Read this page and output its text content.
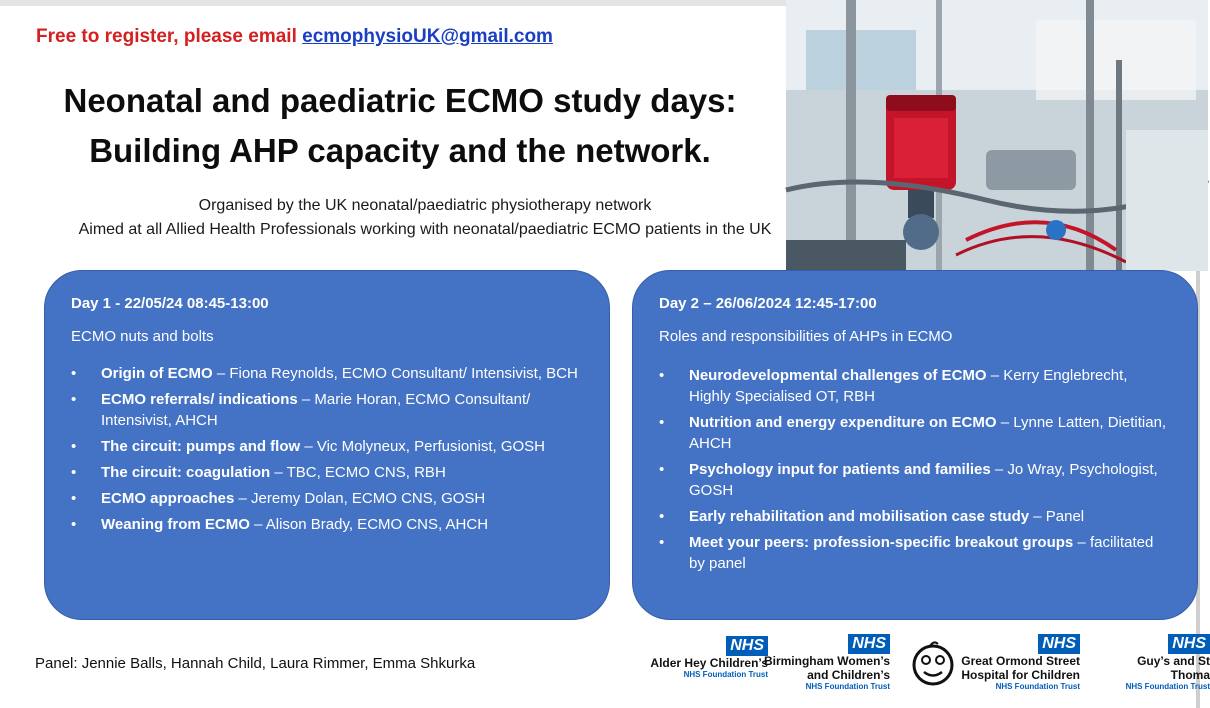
Free to register, please email ecmophysioUK@gmail.com
Neonatal and paediatric ECMO study days:
Building AHP capacity and the network.
Organised by the UK neonatal/paediatric physiotherapy network
Aimed at all Allied Health Professionals working with neonatal/paediatric ECMO patients in the UK
Day 1 - 22/05/24 08:45-13:00
ECMO nuts and bolts
• Origin of ECMO – Fiona Reynolds, ECMO Consultant/ Intensivist, BCH
• ECMO referrals/ indications – Marie Horan, ECMO Consultant/ Intensivist, AHCH
• The circuit: pumps and flow – Vic Molyneux, Perfusionist, GOSH
• The circuit: coagulation – TBC, ECMO CNS, RBH
• ECMO approaches – Jeremy Dolan, ECMO CNS, GOSH
• Weaning from ECMO – Alison Brady, ECMO CNS, AHCH
Day 2 – 26/06/2024 12:45-17:00
Roles and responsibilities of AHPs in ECMO
• Neurodevelopmental challenges of ECMO – Kerry Englebrecht, Highly Specialised OT, RBH
• Nutrition and energy expenditure on ECMO – Lynne Latten, Dietitian, AHCH
• Psychology input for patients and families – Jo Wray, Psychologist, GOSH
• Early rehabilitation and mobilisation case study – Panel
• Meet your peers: profession-specific breakout groups – facilitated by panel
Panel: Jennie Balls, Hannah Child, Laura Rimmer, Emma Shkurka
NHS
Alder Hey Children’s
NHS Foundation Trust
NHS
Birmingham Women’s
and Children’s
NHS Foundation Trust
NHS
Great Ormond Street
Hospital for Children
NHS Foundation Trust
NHS
Guy’s and St Thoma
NHS Foundation Trust
